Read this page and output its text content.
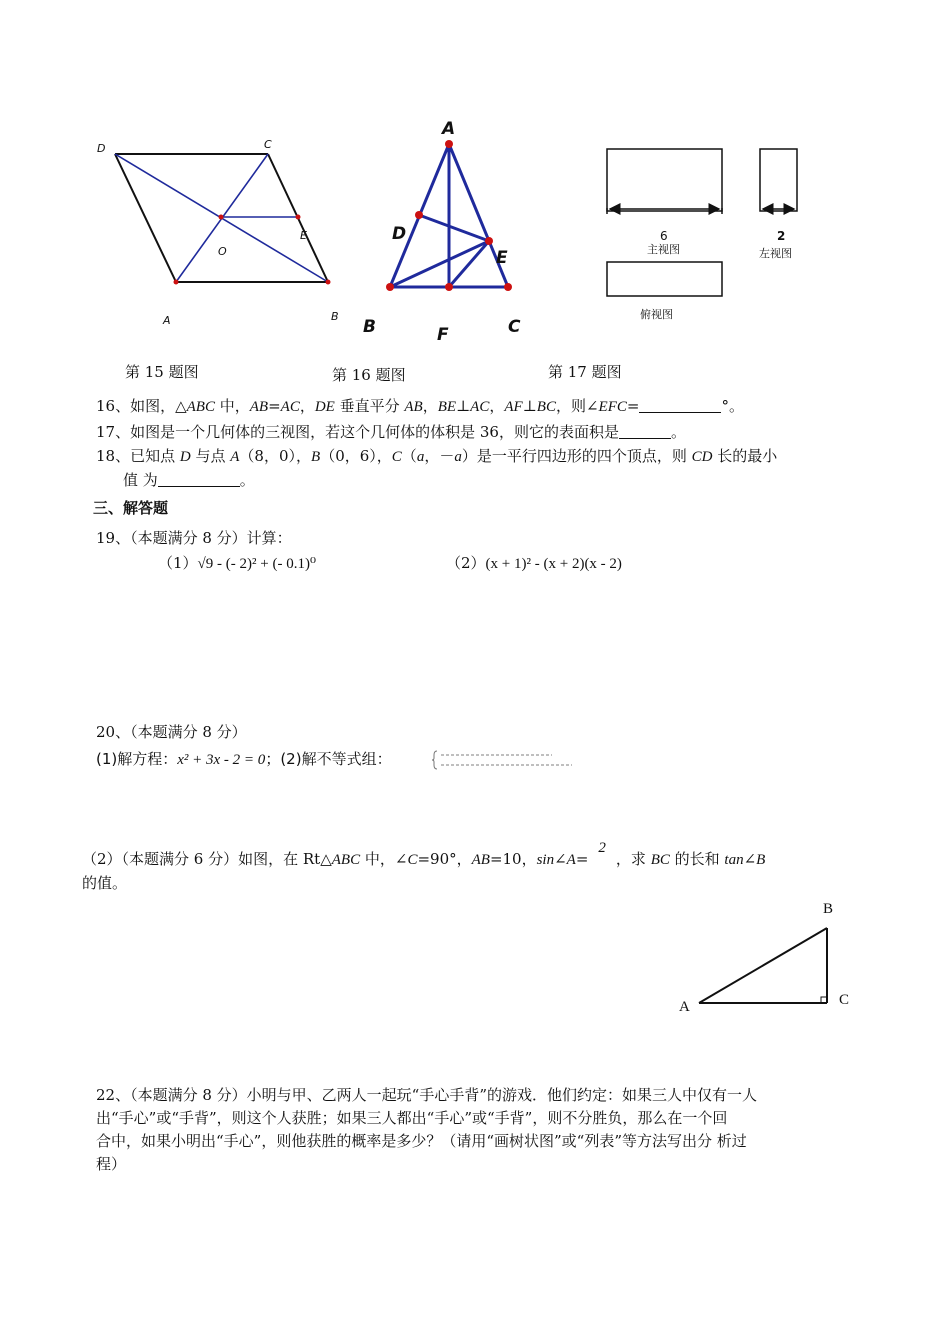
D	C
O
E
A	B
A
D
E
B	F	C
6
主视图
2
左视图
俯视图
第 15 题图	第 16 题图	第 17 题图
16、如图，△ABC 中，AB=AC，DE 垂直平分 AB，BE⊥AC，AF⊥BC，则∠EFC=	°。
17、如图是一个几何体的三视图，若这个几何体的体积是 36，则它的表面积是	。
18、已知点 D 与点 A（8，0），B（0，6），C（a，－a）是一平行四边形的四个顶点，则 CD 长的最小
值 为	。
三、解答题
19、（本题满分 8 分）计算：
（1）√9 - (- 2)² + (- 0.1)⁰	（2）(x + 1)² - (x + 2)(x - 2)
20、（本题满分 8 分）
(1)解方程：x² + 3x - 2 = 0；(2)解不等式组：
（2）（本题满分 6 分）如图，在 Rt△ABC 中，∠C=90°，AB=10，sin∠A=2，求 BC 的长和 tan∠B
的值。
B
A	C
22、（本题满分 8 分）小明与甲、乙两人一起玩“手心手背”的游戏．他们约定：如果三人中仅有一人
出“手心”或“手背”，则这个人获胜；如果三人都出“手心”或“手背”，则不分胜负，那么在一个回
合中，如果小明出“手心”，则他获胜的概率是多少？（请用“画树状图”或“列表”等方法写出分 析过
程）
